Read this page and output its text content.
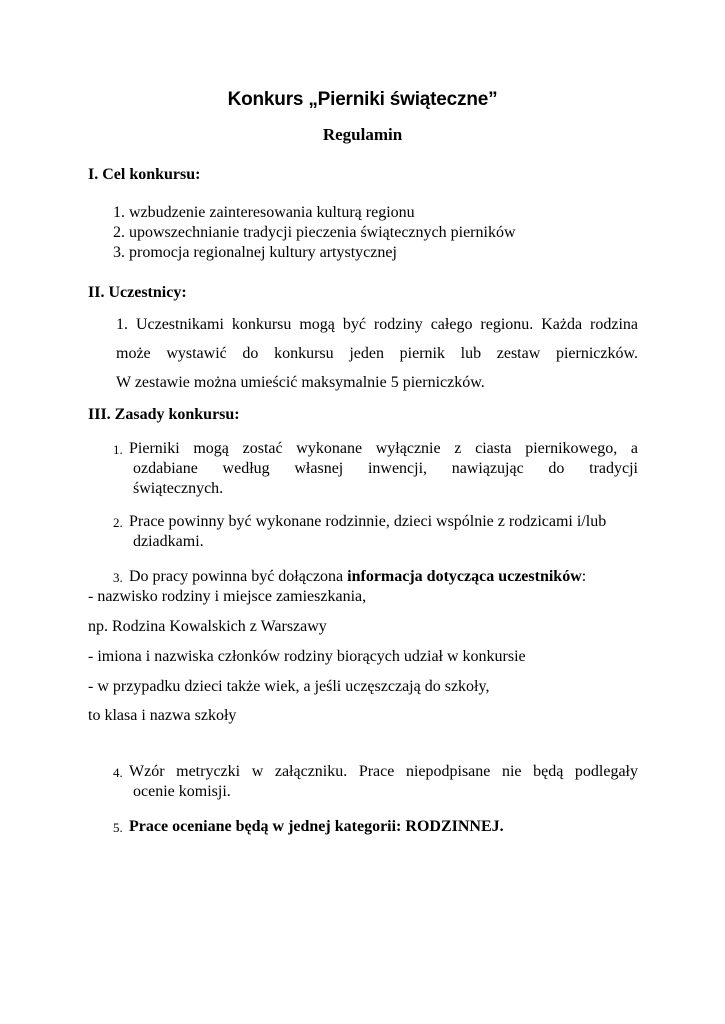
Konkurs „Pierniki świąteczne”
Regulamin
I. Cel konkursu:
1. wzbudzenie zainteresowania kulturą regionu
2. upowszechnianie tradycji pieczenia świątecznych pierników
3. promocja regionalnej kultury artystycznej
II. Uczestnicy:
1. Uczestnikami konkursu mogą być rodziny całego regionu. Każda rodzina
może wystawić do konkursu jeden piernik lub zestaw pierniczków.
W zestawie można umieścić maksymalnie 5 pierniczków.
III. Zasady konkursu:
1. Pierniki mogą zostać wykonane wyłącznie z ciasta piernikowego, a
ozdabiane według własnej inwencji, nawiązując do tradycji
świątecznych.
2. Prace powinny być wykonane rodzinnie, dzieci wspólnie z rodzicami i/lub
dziadkami.
3. Do pracy powinna być dołączona informacja dotycząca uczestników:
- nazwisko rodziny i miejsce zamieszkania,
np. Rodzina Kowalskich z Warszawy
- imiona i nazwiska członków rodziny biorących udział w konkursie
- w przypadku dzieci także wiek, a jeśli uczęszczają do szkoły,
to klasa i nazwa szkoły
4. Wzór metryczki w załączniku. Prace niepodpisane nie będą podlegały
ocenie komisji.
5. Prace oceniane będą w jednej kategorii: RODZINNEJ.
